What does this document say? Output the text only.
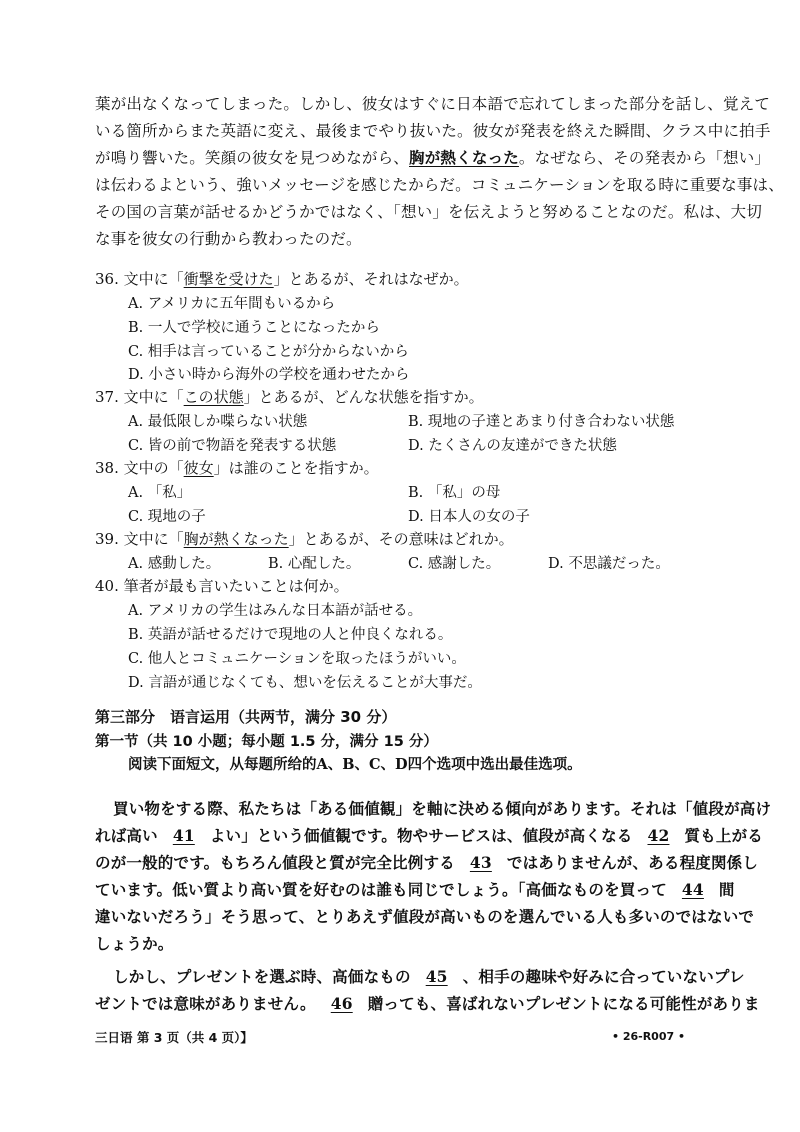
葉が出なくなってしまった。しかし、彼女はすぐに日本語で忘れてしまった部分を話し、覚えて
いる箇所からまた英語に変え、最後までやり抜いた。彼女が発表を終えた瞬間、クラス中に拍手
が鳴り響いた。笑顔の彼女を見つめながら、胸が熱くなった。なぜなら、その発表から「想い」
は伝わるよという、強いメッセージを感じたからだ。コミュニケーションを取る時に重要な事は、
その国の言葉が話せるかどうかではなく、「想い」を伝えようと努めることなのだ。私は、大切
な事を彼女の行動から教わったのだ。
36. 文中に「衝撃を受けた」とあるが、それはなぜか。
A. アメリカに五年間もいるから
B. 一人で学校に通うことになったから
C. 相手は言っていることが分からないから
D. 小さい時から海外の学校を通わせたから
37. 文中に「この状態」とあるが、どんな状態を指すか。
A. 最低限しか喋らない状態	B. 現地の子達とあまり付き合わない状態
C. 皆の前で物語を発表する状態	D. たくさんの友達ができた状態
38. 文中の「彼女」は誰のことを指すか。
A. 「私」	B. 「私」の母
C. 現地の子	D. 日本人の女の子
39. 文中に「胸が熱くなった」とあるが、その意味はどれか。
A. 感動した。	B. 心配した。	C. 感謝した。	D. 不思議だった。
40. 筆者が最も言いたいことは何か。
A. アメリカの学生はみんな日本語が話せる。
B. 英語が話せるだけで現地の人と仲良くなれる。
C. 他人とコミュニケーションを取ったほうがいい。
D. 言語が通じなくても、想いを伝えることが大事だ。
第三部分　语言运用（共两节，满分 30 分）
第一节（共 10 小题；每小题 1.5 分，满分 15 分）
阅读下面短文，从每题所给的A、B、C、D四个选项中选出最佳选项。
買い物をする際、私たちは「ある価値観」を軸に決める傾向があります。それは「値段が高け
れば高い 41 よい」という価値観です。物やサービスは、値段が高くなる 42 質も上がる
のが一般的です。もちろん値段と質が完全比例する 43 ではありませんが、ある程度関係し
ています。低い質より高い質を好むのは誰も同じでしょう。「高価なものを買って 44 間
違いないだろう」そう思って、とりあえず値段が高いものを選んでいる人も多いのではないで
しょうか。
しかし、プレゼントを選ぶ時、高価なもの 45 、相手の趣味や好みに合っていないプレ
ゼントでは意味がありません。 46 贈っても、喜ばれないプレゼントになる可能性がありま
三日语 第 3 页（共 4 页）】	• 26-R007 •
